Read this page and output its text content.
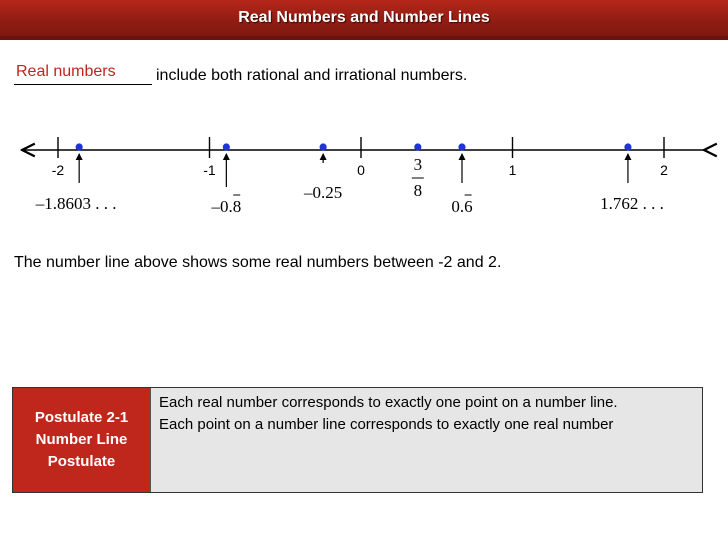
Real Numbers and Number Lines
Real numbers	include both rational and irrational numbers.
-2	-1	0	1	2
–1.8603 . . .	–0.8
–0.25
3
8
0.6	1.762 . . .
The number line above shows some real numbers between -2 and 2.
Postulate 2-1
Number Line
Postulate

Each real number corresponds to exactly one point on a number line.

Each point on a number line corresponds to exactly one real number
